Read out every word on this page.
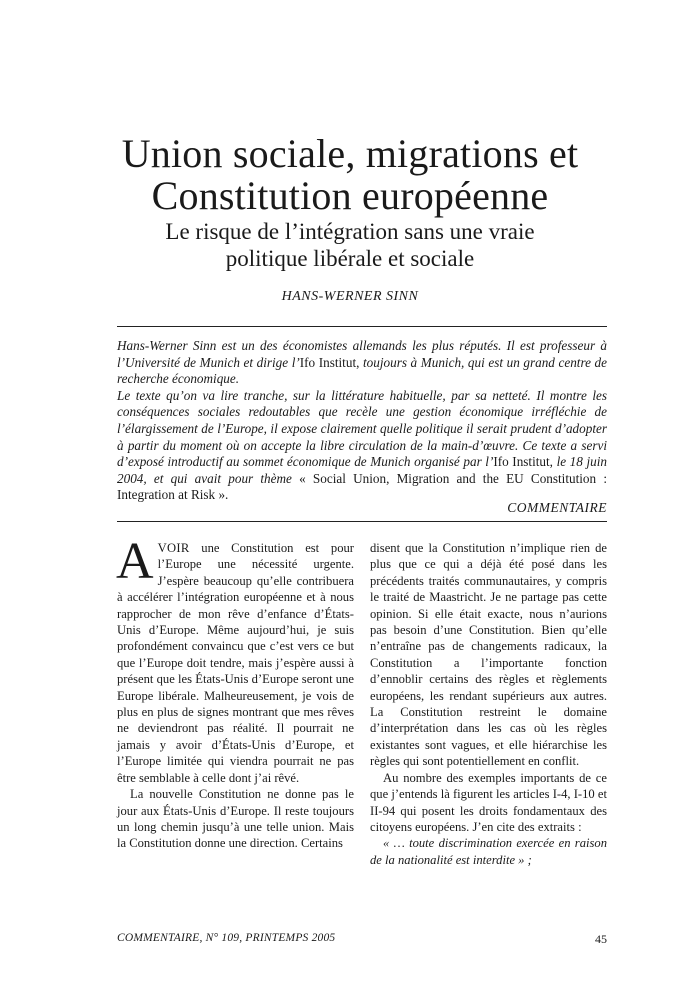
Union sociale, migrations et
Constitution européenne
Le risque de l’intégration sans une vraie
politique libérale et sociale
HANS-WERNER SINN

Hans-Werner Sinn est un des économistes allemands les plus réputés. Il est professeur à l’Université de Munich et dirige l’Ifo Institut, toujours à Munich, qui est un grand centre de recherche économique.

Le texte qu’on va lire tranche, sur la littérature habituelle, par sa netteté. Il montre les conséquences sociales redoutables que recèle une gestion économique irréfléchie de l’élargissement de l’Europe, il expose clairement quelle politique il serait prudent d’adopter à partir du moment où on accepte la libre circulation de la main-d’œuvre. Ce texte a servi d’exposé introductif au sommet économique de Munich organisé par l’Ifo Institut, le 18 juin 2004, et qui avait pour thème « Social Union, Migration and the EU Constitution : Integration at Risk ».

COMMENTAIRE

AVOIR une Constitution est pour l’Europe une nécessité urgente. J’espère beaucoup qu’elle contribuera à accélérer l’intégration européenne et à nous rapprocher de mon rêve d’enfance d’États-Unis d’Europe. Même aujourd’hui, je suis profondément convaincu que c’est vers ce but que l’Europe doit tendre, mais j’espère aussi à présent que les États-Unis d’Europe seront une Europe libérale. Malheureusement, je vois de plus en plus de signes montrant que mes rêves ne deviendront pas réalité. Il pourrait ne jamais y avoir d’États-Unis d’Europe, et l’Europe limitée qui viendra pourrait ne pas être semblable à celle dont j’ai rêvé.

La nouvelle Constitution ne donne pas le jour aux États-Unis d’Europe. Il reste toujours un long chemin jusqu’à une telle union. Mais la Constitution donne une direction. Certains

disent que la Constitution n’implique rien de plus que ce qui a déjà été posé dans les précédents traités communautaires, y compris le traité de Maastricht. Je ne partage pas cette opinion. Si elle était exacte, nous n’aurions pas besoin d’une Constitution. Bien qu’elle n’entraîne pas de changements radicaux, la Constitution a l’importante fonction d’ennoblir certains des règles et règlements européens, les rendant supérieurs aux autres. La Constitution restreint le domaine d’interprétation dans les cas où les règles existantes sont vagues, et elle hiérarchise les règles qui sont potentiellement en conflit.

Au nombre des exemples importants de ce que j’entends là figurent les articles I-4, I-10 et II-94 qui posent les droits fondamentaux des citoyens européens. J’en cite des extraits :

« … toute discrimination exercée en raison de la nationalité est interdite » ;

COMMENTAIRE, N° 109, PRINTEMPS 2005	45
